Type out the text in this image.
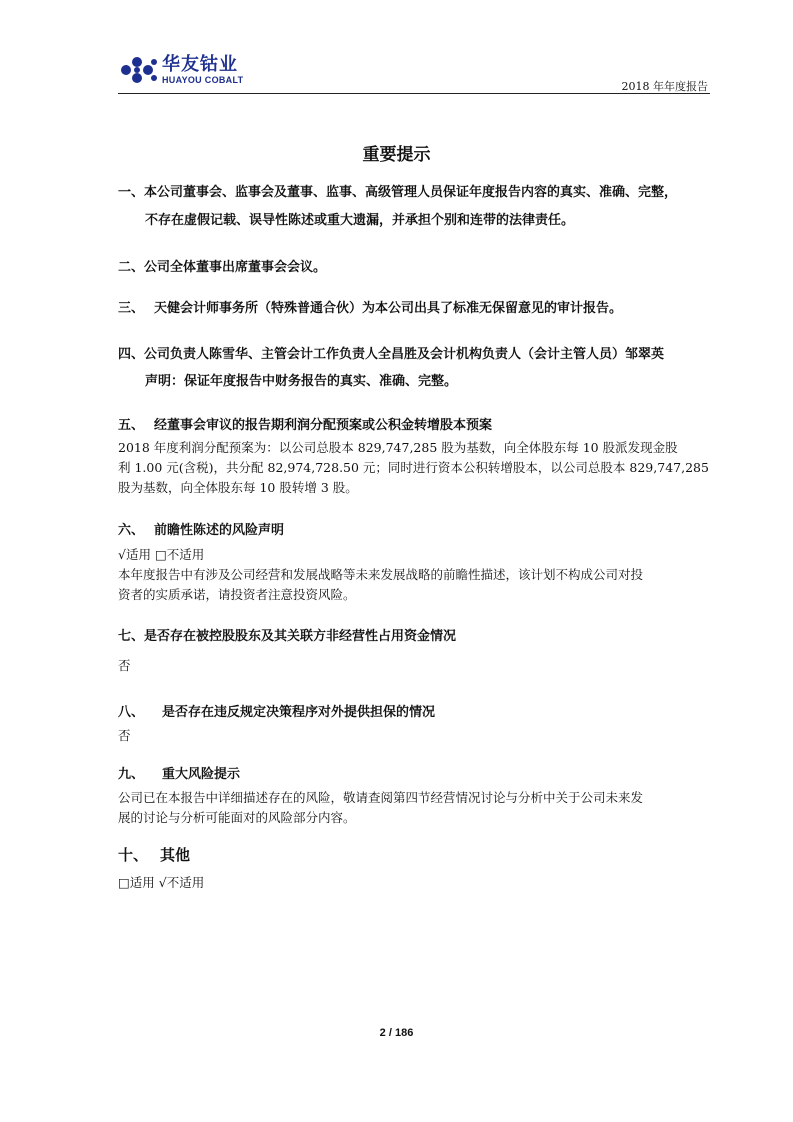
华友钴业
HUAYOU COBALT	2018 年年度报告
重要提示
一、本公司董事会、监事会及董事、监事、高级管理人员保证年度报告内容的真实、准确、完整，
不存在虚假记载、误导性陈述或重大遗漏，并承担个别和连带的法律责任。
二、公司全体董事出席董事会会议。
三、 天健会计师事务所（特殊普通合伙）为本公司出具了标准无保留意见的审计报告。
四、公司负责人陈雪华、主管会计工作负责人全昌胜及会计机构负责人（会计主管人员）邹翠英
声明：保证年度报告中财务报告的真实、准确、完整。
五、 经董事会审议的报告期利润分配预案或公积金转增股本预案
2018 年度利润分配预案为：以公司总股本 829,747,285 股为基数，向全体股东每 10 股派发现金股
利 1.00 元(含税)，共分配 82,974,728.50 元；同时进行资本公积转增股本，以公司总股本 829,747,285
股为基数，向全体股东每 10 股转增 3 股。
六、 前瞻性陈述的风险声明
√适用 □不适用
本年度报告中有涉及公司经营和发展战略等未来发展战略的前瞻性描述，该计划不构成公司对投
资者的实质承诺，请投资者注意投资风险。
七、是否存在被控股股东及其关联方非经营性占用资金情况
否
八、 是否存在违反规定决策程序对外提供担保的情况
否
九、 重大风险提示
公司已在本报告中详细描述存在的风险，敬请查阅第四节经营情况讨论与分析中关于公司未来发
展的讨论与分析可能面对的风险部分内容。
十、 其他
□适用 √不适用
2 / 186
